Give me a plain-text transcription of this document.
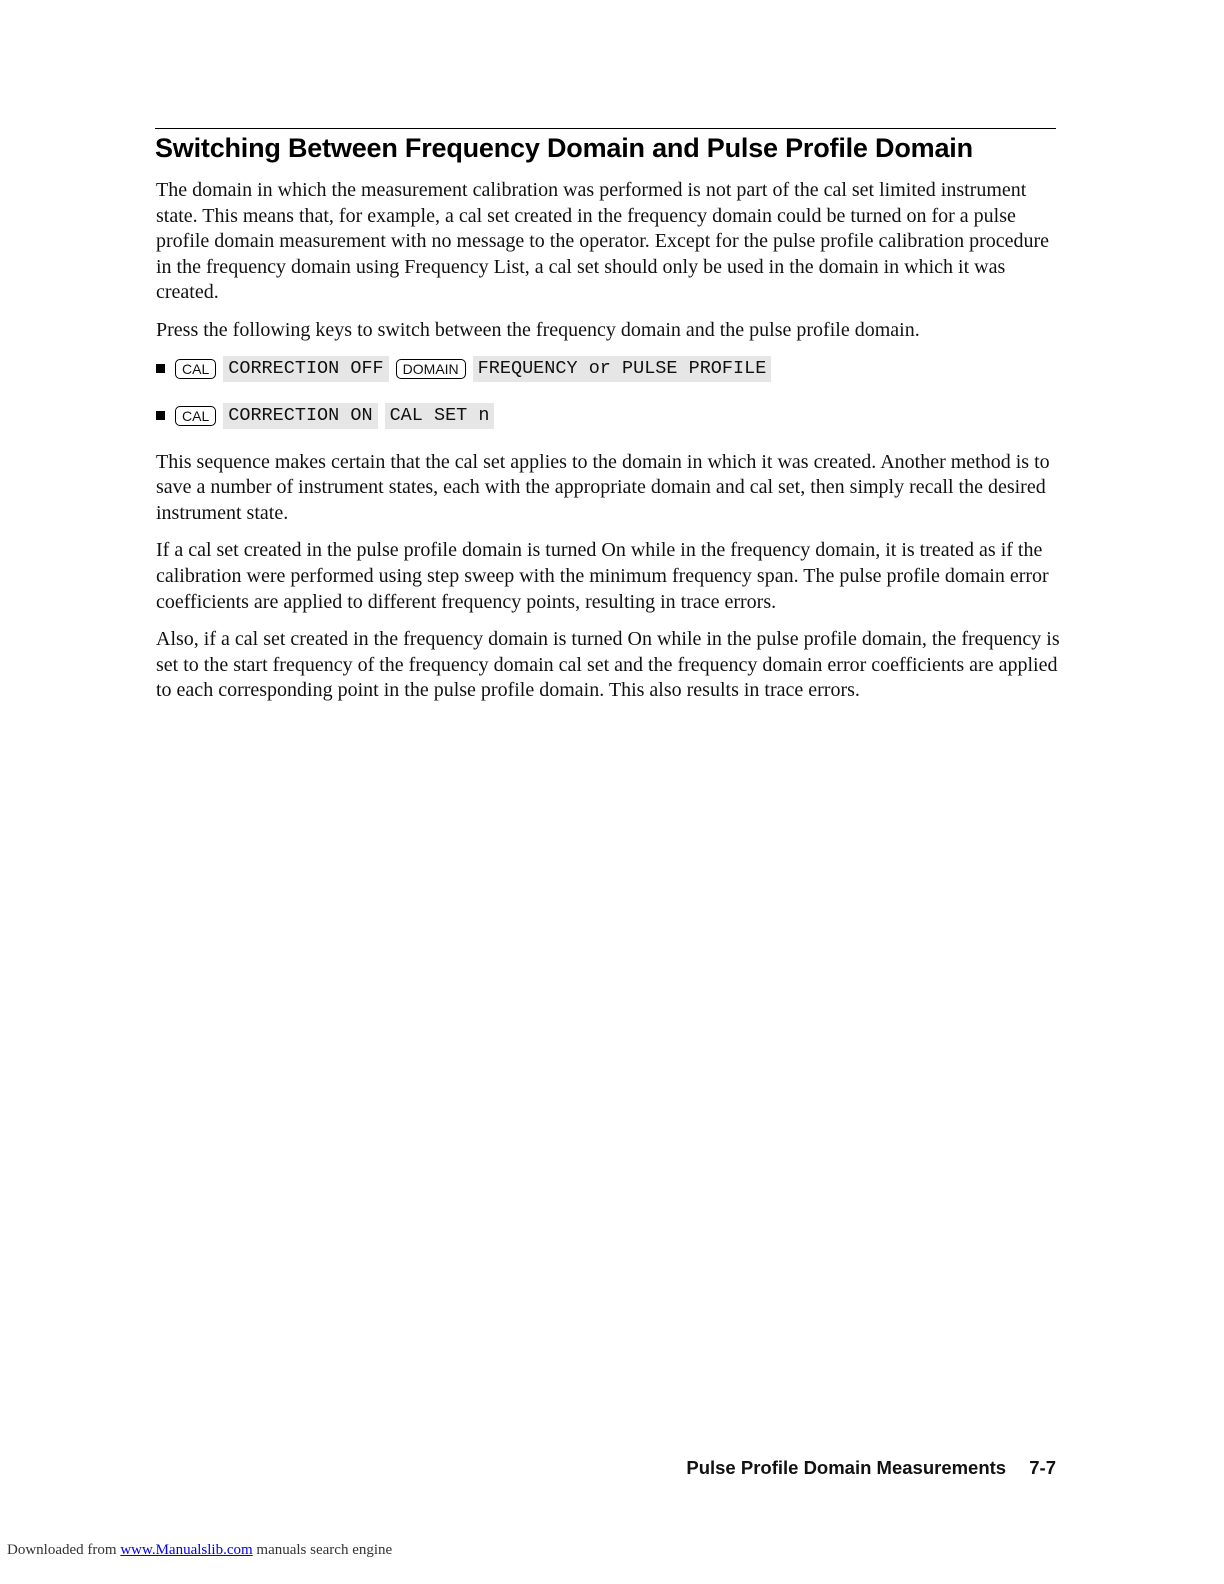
Switching Between Frequency Domain and Pulse Profile Domain

The domain in which the measurement calibration was performed is not part of the cal set limited instrument state. This means that, for example, a cal set created in the frequency domain could be turned on for a pulse profile domain measurement with no message to the operator. Except for the pulse profile calibration procedure in the frequency domain using Frequency List, a cal set should only be used in the domain in which it was created.

Press the following keys to switch between the frequency domain and the pulse profile domain.

CAL	CORRECTION OFF	DOMAIN	FREQUENCY or PULSE PROFILE
CAL	CORRECTION ON CAL SET n

This sequence makes certain that the cal set applies to the domain in which it was created. Another method is to save a number of instrument states, each with the appropriate domain and cal set, then simply recall the desired instrument state.

If a cal set created in the pulse profile domain is turned On while in the frequency domain, it is treated as if the calibration were performed using step sweep with the minimum frequency span. The pulse profile domain error coefficients are applied to different frequency points, resulting in trace errors.

Also, if a cal set created in the frequency domain is turned On while in the pulse profile domain, the frequency is set to the start frequency of the frequency domain cal set and the frequency domain error coefficients are applied to each corresponding point in the pulse profile domain. This also results in trace errors.

Pulse Profile Domain Measurements 7-7
Downloaded from www.Manualslib.com manuals search engine
